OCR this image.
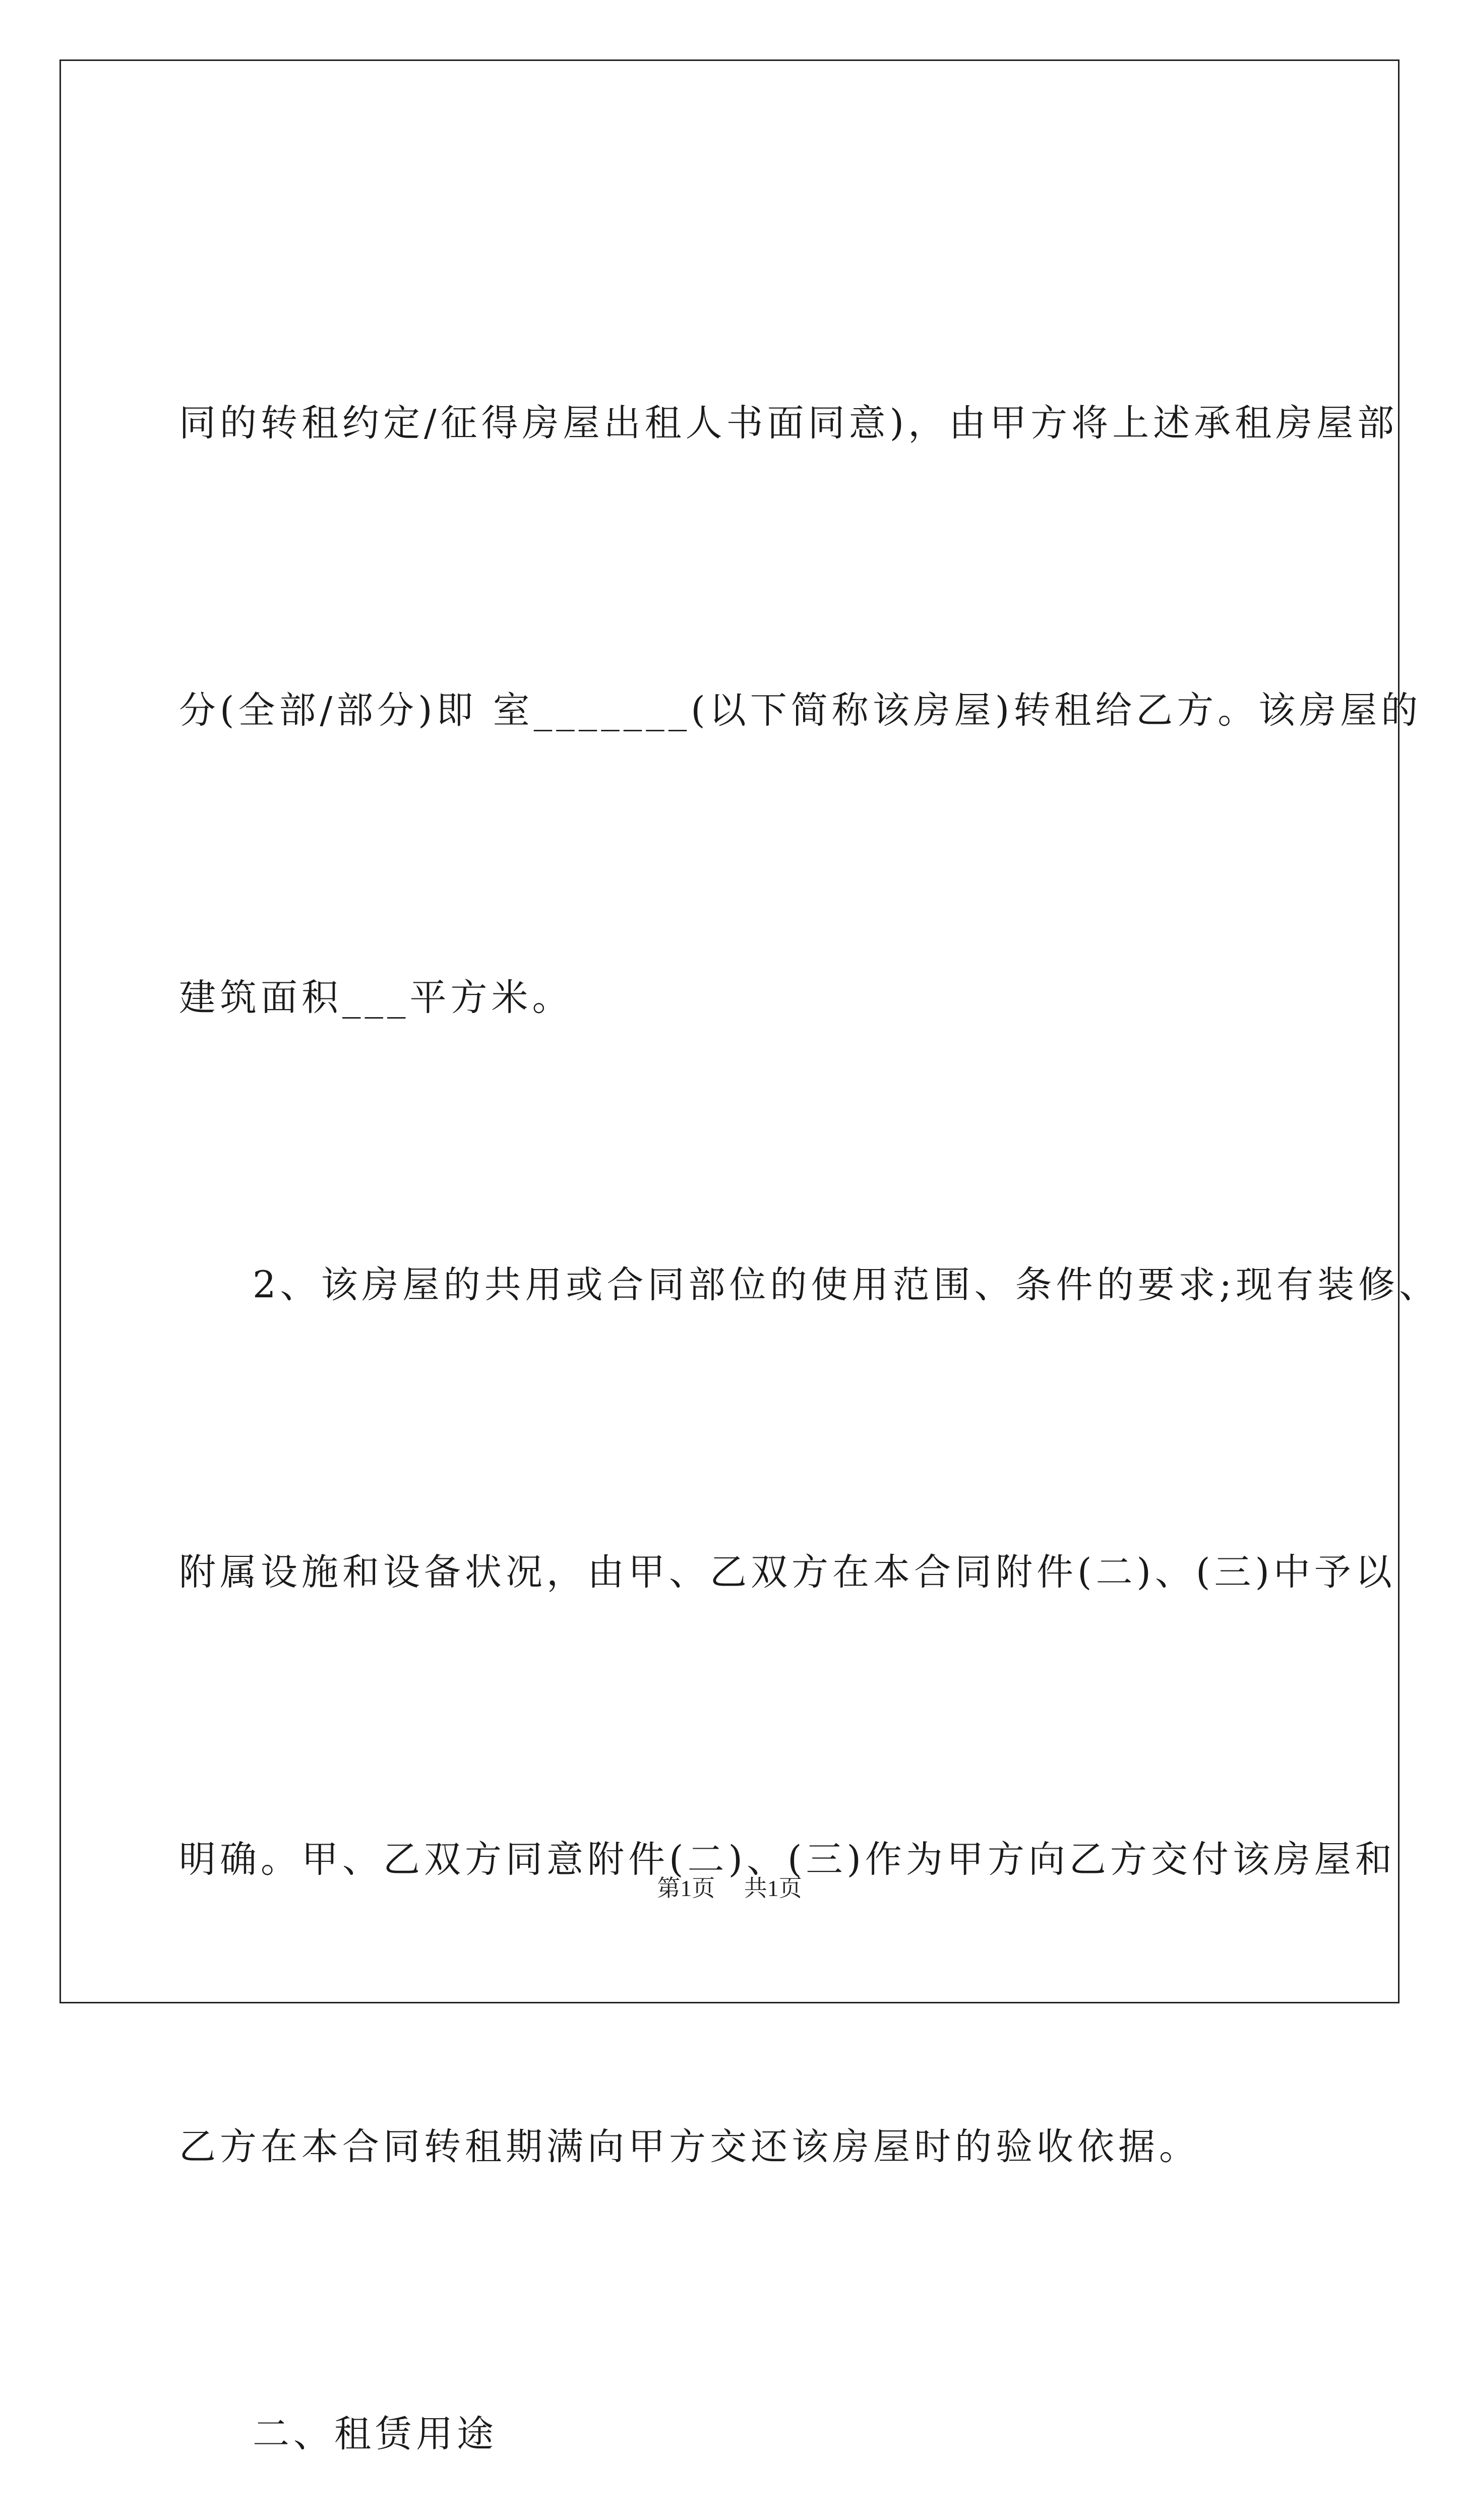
同的转租约定/征得房屋出租人书面同意)，由甲方将上述承租房屋部

分(全部/部分)即 室_______(以下简称该房屋)转租给乙方。该房屋的

建筑面积___平方米。

2、该房屋的共用或合同部位的使用范围、条件的要求;现有装修、

附属设施和设备状况，由甲、乙双方在本合同附件(二)、(三)中予以

明确。甲、乙双方同意附件(二)、(三)作为甲方向乙方交付该房屋和

乙方在本合同转租期满向甲方交还该房屋时的验收依据。

二、租赁用途

第1页 共1页
